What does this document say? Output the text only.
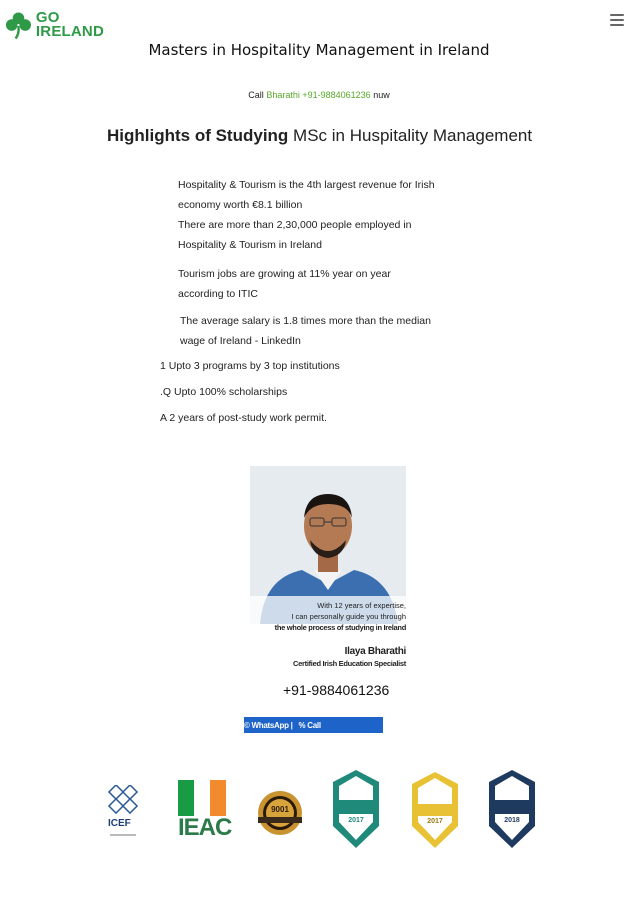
GO
IRELAND
Masters in Hospitality Management in Ireland
Call Bharathi +91-9884061236 nuw
Highlights of Studying MSc in Huspitality Management
Hospitality & Tourism is the 4th largest revenue for Irish
economy worth €8.1 billion
There are more than 2,30,000 people employed in
Hospitality & Tourism in Ireland
Tourism jobs are growing at 11% year on year
according to ITIC
The average salary is 1.8 times more than the median
wage of Ireland - LinkedIn
1 Upto 3 programs by 3 top institutions
.Q Upto 100% scholarships
A 2 years of post-study work permit.
With 12 years of expertise,
I can personally guide you through
the whole process of studying in Ireland
Ilaya Bharathi
Certified Irish Education Specialist
+91-9884061236
© WhatsApp | % Call
ICEF IEAC
9001
2017	2017	2018
